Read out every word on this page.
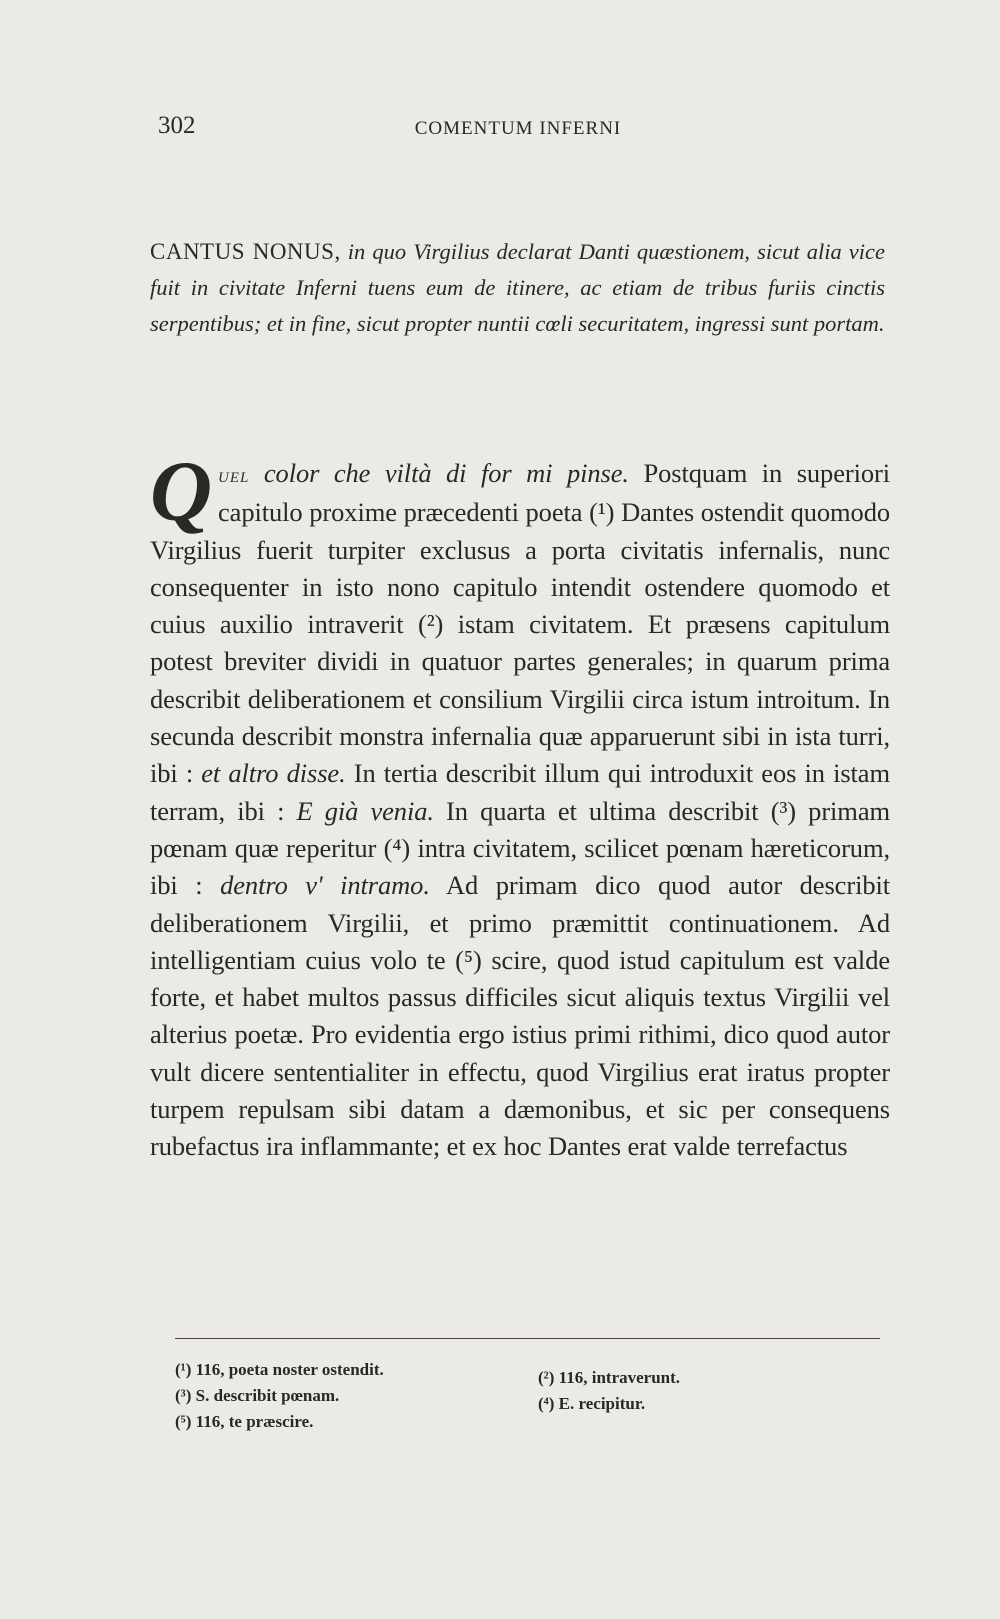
302	COMENTUM INFERNI
CANTUS NONUS, in quo Virgilius declarat Danti quæstionem, sicut alia vice fuit in civitate Inferni tuens eum de itinere, ac etiam de tribus furiis cinctis serpentibus; et in fine, sicut propter nuntii cœli securitatem, ingressi sunt portam.
Quel color che viltà di for mi pinse. Postquam in superiori capitulo proxime præcedenti poeta (¹) Dantes ostendit quomodo Virgilius fuerit turpiter exclusus a porta civitatis infernalis, nunc consequenter in isto nono capitulo intendit ostendere quomodo et cuius auxilio intraverit (²) istam civitatem. Et præsens capitulum potest breviter dividi in quatuor partes generales; in quarum prima describit deliberationem et consilium Virgilii circa istum introitum. In secunda describit monstra infernalia quæ apparuerunt sibi in ista turri, ibi : et altro disse. In tertia describit illum qui introduxit eos in istam terram, ibi : E già venia. In quarta et ultima describit (³) primam pœnam quæ reperitur (⁴) intra civitatem, scilicet pœnam hæreticorum, ibi : dentro v' intramo. Ad primam dico quod autor describit deliberationem Virgilii, et primo præmittit continuationem. Ad intelligentiam cuius volo te (⁵) scire, quod istud capitulum est valde forte, et habet multos passus difficiles sicut aliquis textus Virgilii vel alterius poetæ. Pro evidentia ergo istius primi rithimi, dico quod autor vult dicere sententialiter in effectu, quod Virgilius erat iratus propter turpem repulsam sibi datam a dæmonibus, et sic per consequens rubefactus ira inflammante; et ex hoc Dantes erat valde terrefactus
(¹) 116, poeta noster ostendit.
(³) S. describit pœnam.
(⁵) 116, te præscire.
(²) 116, intraverunt.
(⁴) E. recipitur.
